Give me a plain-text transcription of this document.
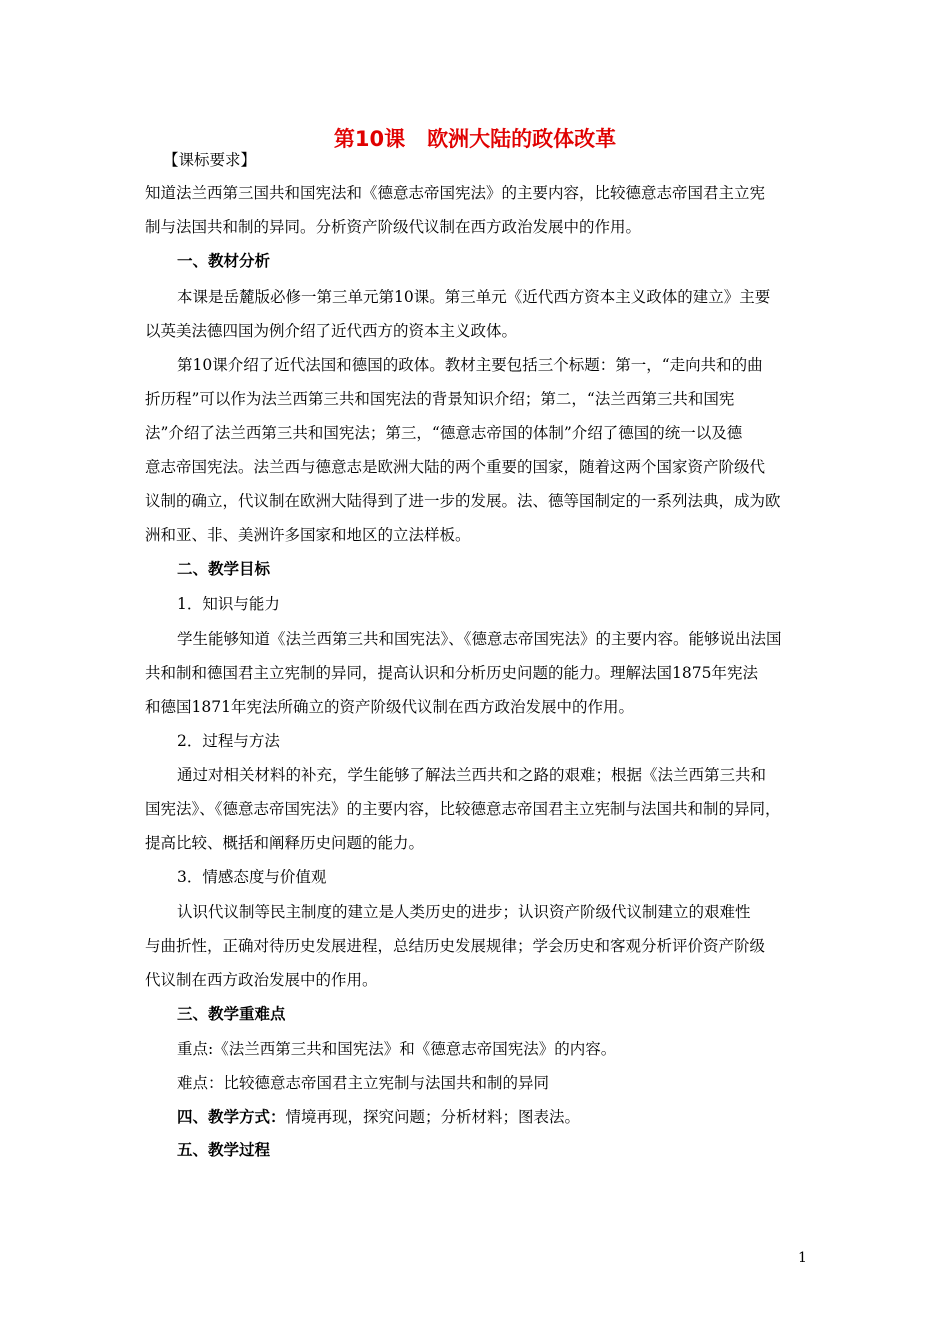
第10课 欧洲大陆的政体改革
【课标要求】
知道法兰西第三国共和国宪法和《德意志帝国宪法》的主要内容，比较德意志帝国君主立宪
制与法国共和制的异同。分析资产阶级代议制在西方政治发展中的作用。
一、教材分析
本课是岳麓版必修一第三单元第10课。第三单元《近代西方资本主义政体的建立》主要
以英美法德四国为例介绍了近代西方的资本主义政体。
第10课介绍了近代法国和德国的政体。教材主要包括三个标题：第一，“走向共和的曲
折历程”可以作为法兰西第三共和国宪法的背景知识介绍；第二，“法兰西第三共和国宪
法”介绍了法兰西第三共和国宪法；第三，“德意志帝国的体制”介绍了德国的统一以及德
意志帝国宪法。法兰西与德意志是欧洲大陆的两个重要的国家，随着这两个国家资产阶级代
议制的确立，代议制在欧洲大陆得到了进一步的发展。法、德等国制定的一系列法典，成为欧
洲和亚、非、美洲许多国家和地区的立法样板。
二、教学目标
1．知识与能力
学生能够知道《法兰西第三共和国宪法》、《德意志帝国宪法》的主要内容。能够说出法国
共和制和德国君主立宪制的异同，提高认识和分析历史问题的能力。理解法国1875年宪法
和德国1871年宪法所确立的资产阶级代议制在西方政治发展中的作用。
2．过程与方法
通过对相关材料的补充，学生能够了解法兰西共和之路的艰难；根据《法兰西第三共和
国宪法》、《德意志帝国宪法》的主要内容，比较德意志帝国君主立宪制与法国共和制的异同，
提高比较、概括和阐释历史问题的能力。
3．情感态度与价值观
认识代议制等民主制度的建立是人类历史的进步；认识资产阶级代议制建立的艰难性
与曲折性，正确对待历史发展进程，总结历史发展规律；学会历史和客观分析评价资产阶级
代议制在西方政治发展中的作用。
三、教学重难点
重点:《法兰西第三共和国宪法》和《德意志帝国宪法》的内容。
难点：比较德意志帝国君主立宪制与法国共和制的异同
四、教学方式：情境再现，探究问题；分析材料；图表法。
五、教学过程
1
